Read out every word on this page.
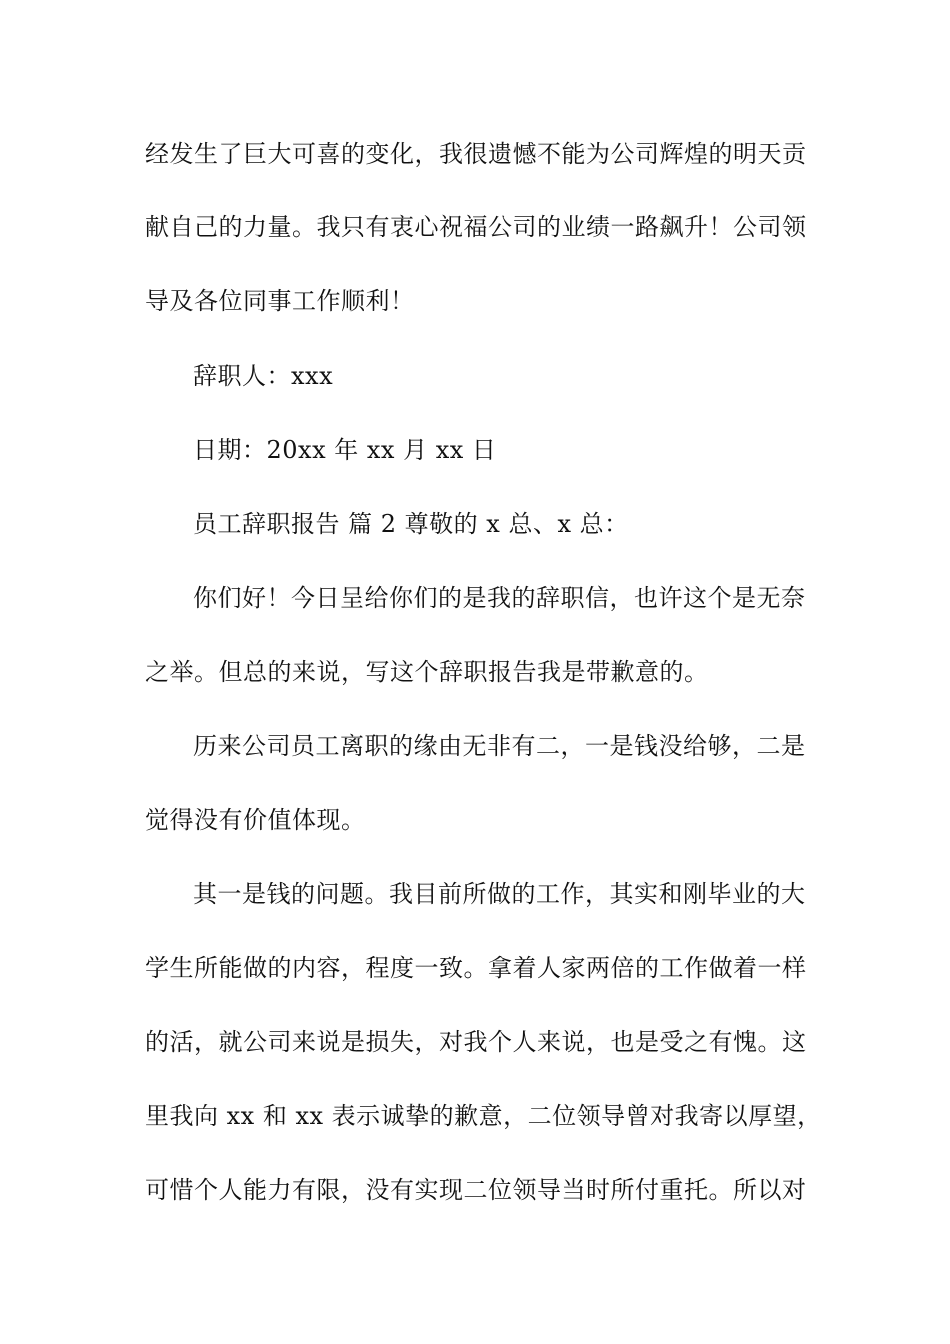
经发生了巨大可喜的变化，我很遗憾不能为公司辉煌的明天贡
献自己的力量。我只有衷心祝福公司的业绩一路飙升！公司领
导及各位同事工作顺利！
辞职人：xxx
日期：20xx 年 xx 月 xx 日
员工辞职报告 篇 2 尊敬的 x 总、x 总：
你们好！今日呈给你们的是我的辞职信，也许这个是无奈
之举。但总的来说，写这个辞职报告我是带歉意的。
历来公司员工离职的缘由无非有二，一是钱没给够，二是
觉得没有价值体现。
其一是钱的问题。我目前所做的工作，其实和刚毕业的大
学生所能做的内容，程度一致。拿着人家两倍的工作做着一样
的活，就公司来说是损失，对我个人来说，也是受之有愧。这
里我向 xx 和 xx 表示诚挚的歉意，二位领导曾对我寄以厚望，
可惜个人能力有限，没有实现二位领导当时所付重托。所以对
